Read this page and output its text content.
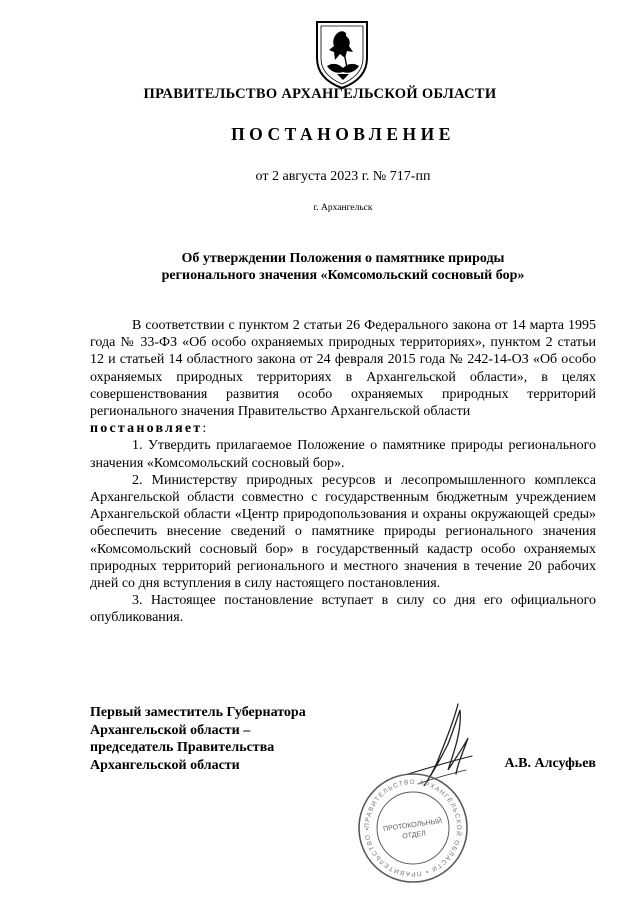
ПРАВИТЕЛЬСТВО АРХАНГЕЛЬСКОЙ ОБЛАСТИ
ПОСТАНОВЛЕНИЕ
от 2 августа 2023 г. № 717-пп
г. Архангельск
Об утверждении Положения о памятнике природы
регионального значения «Комсомольский сосновый бор»

В соответствии с пунктом 2 статьи 26 Федерального закона от 14 марта 1995 года № 33-ФЗ «Об особо охраняемых природных территориях», пунктом 2 статьи 12 и статьей 14 областного закона от 24 февраля 2015 года № 242-14-ОЗ «Об особо охраняемых природных территориях в Архангельской области», в целях совершенствования развития особо охраняемых природных территорий регионального значения Правительство Архангельской области

постановляет:

1. Утвердить прилагаемое Положение о памятнике природы регионального значения «Комсомольский сосновый бор».

2. Министерству природных ресурсов и лесопромышленного комплекса Архангельской области совместно с государственным бюджетным учреждением Архангельской области «Центр природопользования и охраны окружающей среды» обеспечить внесение сведений о памятнике природы регионального значения «Комсомольский сосновый бор» в государственный кадастр особо охраняемых природных территорий регионального и местного значения в течение 20 рабочих дней со дня вступления в силу настоящего постановления.

3. Настоящее постановление вступает в силу со дня его официального опубликования.

Первый заместитель Губернатора
Архангельской области –
председатель Правительства
Архангельской области	А.В. Алсуфьев
ПРАВИТЕЛЬСТВО АРХАНГЕЛЬСКОЙ ОБЛАСТИ • ПРАВИТЕЛЬСТВО •	ПРОТОКОЛЬНЫЙ
ОТДЕЛ
